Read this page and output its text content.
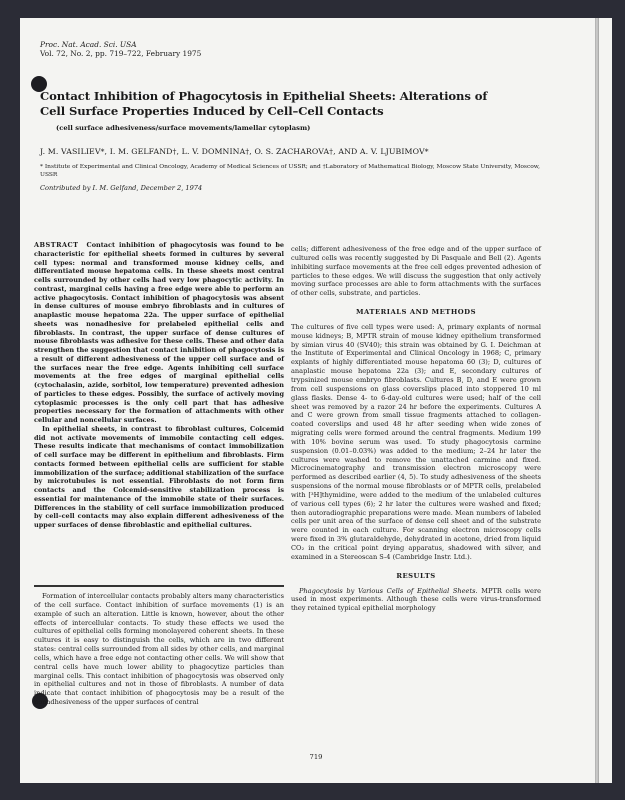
Proc. Nat. Acad. Sci. USA
Vol. 72, No. 2, pp. 719–722, February 1975
Contact Inhibition of Phagocytosis in Epithelial Sheets: Alterations of Cell Surface Properties Induced by Cell–Cell Contacts
(cell surface adhesiveness/surface movements/lamellar cytoplasm)
J. M. VASILIEV*, I. M. GELFAND†, L. V. DOMNINA†, O. S. ZACHAROVA†, AND A. V. LJUBIMOV*
* Institute of Experimental and Clinical Oncology, Academy of Medical Sciences of USSR; and †Laboratory of Mathematical Biology, Moscow State University, Moscow, USSR
Contributed by I. M. Gelfand, December 2, 1974

ABSTRACT Contact inhibition of phagocytosis was found to be characteristic for epithelial sheets formed in cultures by several cell types: normal and transformed mouse kidney cells, and differentiated mouse hepatoma cells. In these sheets most central cells surrounded by other cells had very low phagocytic activity. In contrast, marginal cells having a free edge were able to perform an active phagocytosis. Contact inhibition of phagocytosis was absent in dense cultures of mouse embryo fibroblasts and in cultures of anaplastic mouse hepatoma 22a. The upper surface of epithelial sheets was nonadhesive for prelabeled epithelial cells and fibroblasts. In contrast, the upper surface of dense cultures of mouse fibroblasts was adhesive for these cells. These and other data strengthen the suggestion that contact inhibition of phagocytosis is a result of different adhesiveness of the upper cell surface and of the surfaces near the free edge. Agents inhibiting cell surface movements at the free edges of marginal epithelial cells (cytochalasin, azide, sorbitol, low temperature) prevented adhesion of particles to these edges. Possibly, the surface of actively moving cytoplasmic processes is the only cell part that has adhesive properties necessary for the formation of attachments with other cellular and noncellular surfaces.

In epithelial sheets, in contrast to fibroblast cultures, Colcemid did not activate movements of immobile contacting cell edges. These results indicate that mechanisms of contact immobilization of cell surface may be different in epithelium and fibroblasts. Firm contacts formed between epithelial cells are sufficient for stable immobilization of the surface; additional stabilization of the surface by microtubules is not essential. Fibroblasts do not form firm contacts and the Colcemid-sensitive stabilization process is essential for maintenance of the immobile state of their surfaces. Differences in the stability of cell surface immobilization produced by cell–cell contacts may also explain different adhesiveness of the upper surfaces of dense fibroblastic and epithelial cultures.

Formation of intercellular contacts probably alters many characteristics of the cell surface. Contact inhibition of surface movements (1) is an example of such an alteration. Little is known, however, about the other effects of intercellular contacts. To study these effects we used the cultures of epithelial cells forming monolayered coherent sheets. In these cultures it is easy to distinguish the cells, which are in two different states: central cells surrounded from all sides by other cells, and marginal cells, which have a free edge not contacting other cells. We will show that central cells have much lower ability to phagocytize particles than marginal cells. This contact inhibition of phagocytosis was observed only in epithelial cultures and not in those of fibroblasts. A number of data indicate that contact inhibition of phagocytosis may be a result of the nonadhesiveness of the upper surfaces of central

cells; different adhesiveness of the free edge and of the upper surface of cultured cells was recently suggested by Di Pasquale and Bell (2). Agents inhibiting surface movements at the free cell edges prevented adhesion of particles to these edges. We will discuss the suggestion that only actively moving surface processes are able to form attachments with the surfaces of other cells, substrate, and particles.

MATERIALS AND METHODS

The cultures of five cell types were used: A, primary explants of normal mouse kidneys; B, MPTR strain of mouse kidney epithelium transformed by simian virus 40 (SV40); this strain was obtained by G. I. Deichman at the Institute of Experimental and Clinical Oncology in 1968; C, primary explants of highly differentiated mouse hepatoma 60 (3); D, cultures of anaplastic mouse hepatoma 22a (3); and E, secondary cultures of trypsinized mouse embryo fibroblasts. Cultures B, D, and E were grown from cell suspensions on glass coverslips placed into stoppered 10 ml glass flasks. Dense 4- to 6-day-old cultures were used; half of the cell sheet was removed by a razor 24 hr before the experiments. Cultures A and C were grown from small tissue fragments attached to collagen-coated coverslips and used 48 hr after seeding when wide zones of migrating cells were formed around the central fragments. Medium 199 with 10% bovine serum was used. To study phagocytosis carmine suspension (0.01–0.03%) was added to the medium; 2–24 hr later the cultures were washed to remove the unattached carmine and fixed. Microcinematography and transmission electron microscopy were performed as described earlier (4, 5). To study adhesiveness of the sheets suspensions of the normal mouse fibroblasts or of MPTR cells, prelabeled with [³H]thymidine, were added to the medium of the unlabeled cultures of various cell types (6); 2 hr later the cultures were washed and fixed; then autoradiographic preparations were made. Mean numbers of labeled cells per unit area of the surface of dense cell sheet and of the substrate were counted in each culture. For scanning electron microscopy cells were fixed in 3% glutaraldehyde, dehydrated in acetone, dried from liquid CO₂ in the critical point drying apparatus, shadowed with silver, and examined in a Stereoscan S-4 (Cambridge Instr. Ltd.).

RESULTS

Phagocytosis by Various Cells of Epithelial Sheets. MPTR cells were used in most experiments. Although these cells were virus-transformed they retained typical epithelial morphology

719
